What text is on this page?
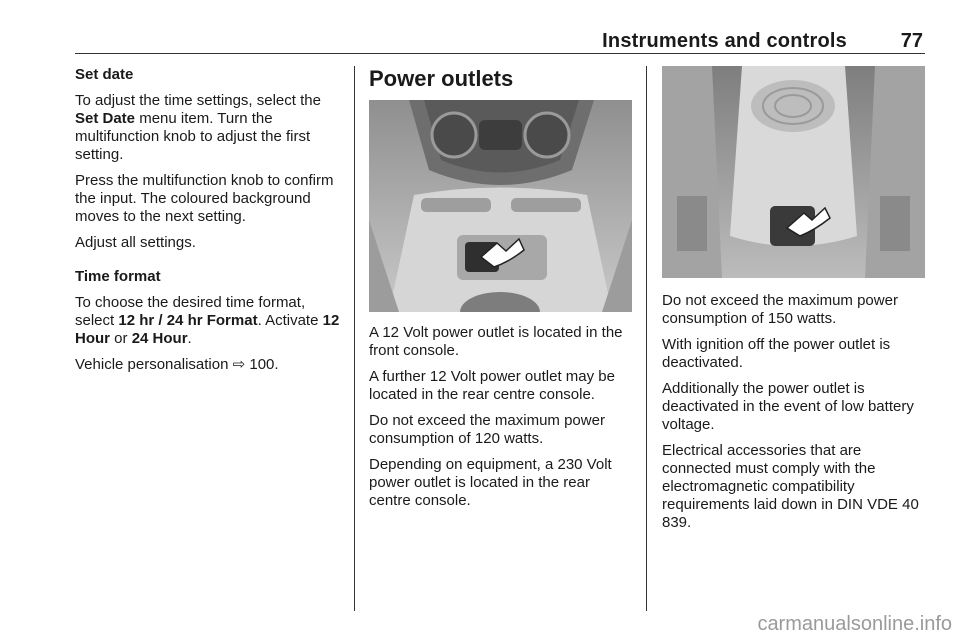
Instruments and controls	77

Set date

To adjust the time settings, select the Set Date menu item. Turn the multifunction knob to adjust the first setting.

Press the multifunction knob to confirm the input. The coloured background moves to the next setting.

Adjust all settings.

Time format

To choose the desired time format, select 12 hr / 24 hr Format. Activate 12 Hour or 24 Hour.

Vehicle personalisation ⇨ 100.

Power outlets

A 12 Volt power outlet is located in the front console.

A further 12 Volt power outlet may be located in the rear centre console.

Do not exceed the maximum power consumption of 120 watts.

Depending on equipment, a 230 Volt power outlet is located in the rear centre console.

Do not exceed the maximum power consumption of 150 watts.

With ignition off the power outlet is deactivated.

Additionally the power outlet is deactivated in the event of low battery voltage.

Electrical accessories that are connected must comply with the electromagnetic compatibility requirements laid down in DIN VDE 40 839.

carmanualsonline.info
